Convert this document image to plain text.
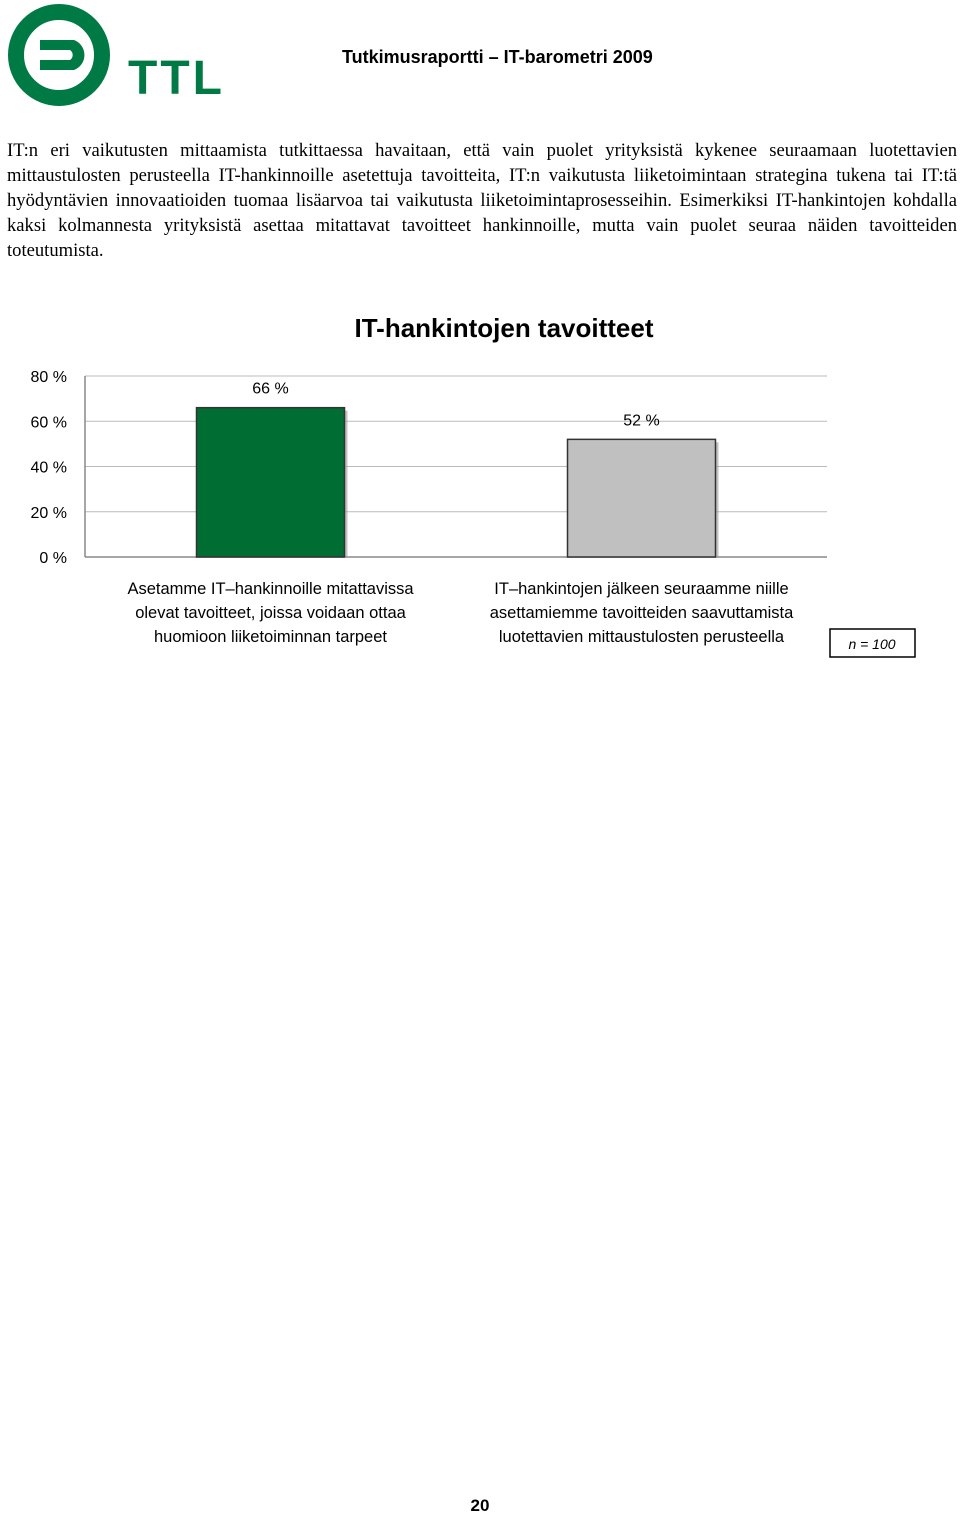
TTL	Tutkimusraportti – IT-barometri 2009
IT:n eri vaikutusten mittaamista tutkittaessa havaitaan, että vain puolet yrityksistä kykenee seuraamaan luotettavien mittaustulosten perusteella IT-hankinnoille asetettuja tavoitteita, IT:n vaikutusta liiketoimintaan strategina tukena tai IT:tä hyödyntävien innovaatioiden tuomaa lisäarvoa tai vaikutusta liiketoimintaprosesseihin. Esimerkiksi IT-hankintojen kohdalla kaksi kolmannesta yrityksistä asettaa mitattavat tavoitteet hankinnoille, mutta vain puolet seuraa näiden tavoitteiden toteutumista.
IT-hankintojen tavoitteet
0 %
20 %
40 %
60 %
80 %
66 %
Asetamme IT–hankinnoille mitattavissa
olevat tavoitteet, joissa voidaan ottaa
huomioon liiketoiminnan tarpeet
52 %
IT–hankintojen jälkeen seuraamme niille
asettamiemme tavoitteiden saavuttamista
luotettavien mittaustulosten perusteella	n = 100
20
